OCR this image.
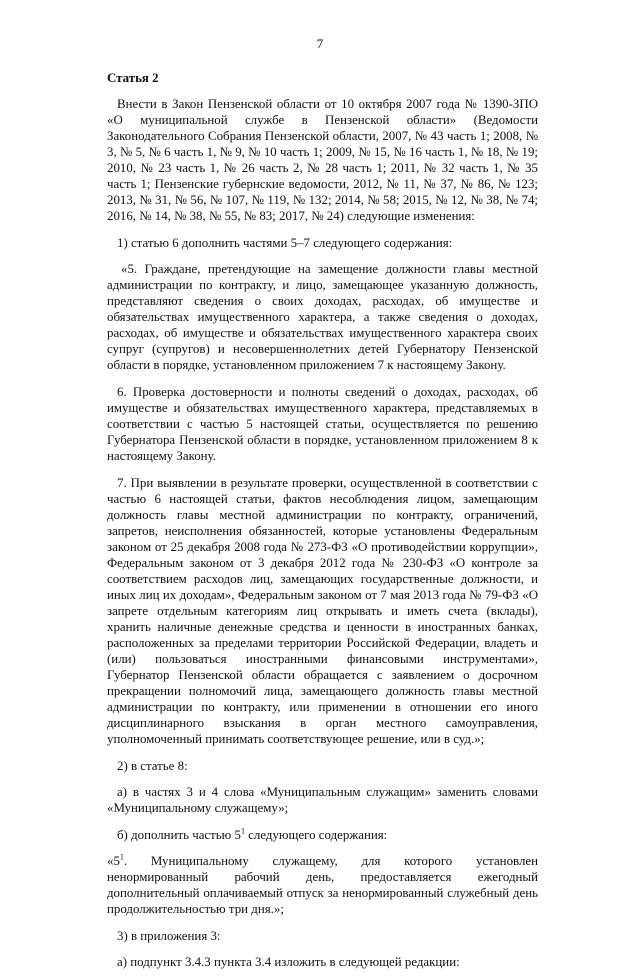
7
Статья 2

Внести в Закон Пензенской области от 10 октября 2007 года № 1390-ЗПО «О муниципальной службе в Пензенской области» (Ведомости Законодательного Собрания Пензенской области, 2007, № 43 часть 1; 2008, № 3, № 5, № 6 часть 1, № 9, № 10 часть 1; 2009, № 15, № 16 часть 1, № 18, № 19; 2010, № 23 часть 1, № 26 часть 2, № 28 часть 1; 2011, № 32 часть 1, № 35 часть 1; Пензенские губернские ведомости, 2012, № 11, № 37, № 86, № 123; 2013, № 31, № 56, № 107, № 119, № 132; 2014, № 58; 2015, № 12, № 38, № 74; 2016, № 14, № 38, № 55, № 83; 2017, № 24) следующие изменения:

1) статью 6 дополнить частями 5–7 следующего содержания:

«5. Граждане, претендующие на замещение должности главы местной администрации по контракту, и лицо, замещающее указанную должность, представляют сведения о своих доходах, расходах, об имуществе и обязательствах имущественного характера, а также сведения о доходах, расходах, об имуществе и обязательствах имущественного характера своих супруг (супругов) и несовершеннолетних детей Губернатору Пензенской области в порядке, установленном приложением 7 к настоящему Закону.

6. Проверка достоверности и полноты сведений о доходах, расходах, об имуществе и обязательствах имущественного характера, представляемых в соответствии с частью 5 настоящей статьи, осуществляется по решению Губернатора Пензенской области в порядке, установленном приложением 8 к настоящему Закону.

7. При выявлении в результате проверки, осуществленной в соответствии с частью 6 настоящей статьи, фактов несоблюдения лицом, замещающим должность главы местной администрации по контракту, ограничений, запретов, неисполнения обязанностей, которые установлены Федеральным законом от 25 декабря 2008 года № 273-ФЗ «О противодействии коррупции», Федеральным законом от 3 декабря 2012 года № 230-ФЗ «О контроле за соответствием расходов лиц, замещающих государственные должности, и иных лиц их доходам», Федеральным законом от 7 мая 2013 года № 79-ФЗ «О запрете отдельным категориям лиц открывать и иметь счета (вклады), хранить наличные денежные средства и ценности в иностранных банках, расположенных за пределами территории Российской Федерации, владеть и (или) пользоваться иностранными финансовыми инструментами», Губернатор Пензенской области обращается с заявлением о досрочном прекращении полномочий лица, замещающего должность главы местной администрации по контракту, или применении в отношении его иного дисциплинарного взыскания в орган местного самоуправления, уполномоченный принимать соответствующее решение, или в суд.»;

2) в статье 8:

а) в частях 3 и 4 слова «Муниципальным служащим» заменить словами «Муниципальному служащему»;

б) дополнить частью $5^1$ следующего содержания:

«$5^1$. Муниципальному служащему, для которого установлен ненормированный рабочий день, предоставляется ежегодный дополнительный оплачиваемый отпуск за ненормированный служебный день продолжительностью три дня.»;

3) в приложения 3:

а) подпункт 3.4.3 пункта 3.4 изложить в следующей редакции:
